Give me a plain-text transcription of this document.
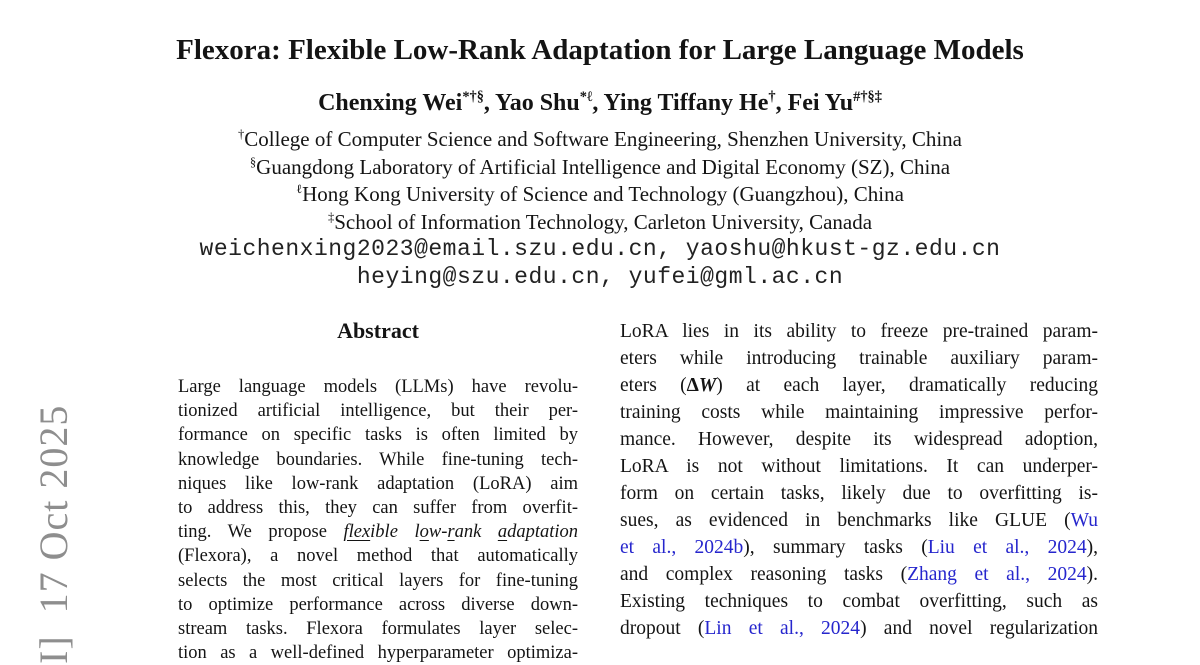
I]  17 Oct 2025
Flexora: Flexible Low-Rank Adaptation for Large Language Models
Chenxing Wei*†§, Yao Shu$^{*\ell}$, Ying Tiffany He†, Fei Yu#†§‡
†College of Computer Science and Software Engineering, Shenzhen University, China
§Guangdong Laboratory of Artificial Intelligence and Digital Economy (SZ), China
$^\ell$Hong Kong University of Science and Technology (Guangzhou), China
‡School of Information Technology, Carleton University, Canada
weichenxing2023@email.szu.edu.cn, yaoshu@hkust-gz.edu.cn
heying@szu.edu.cn, yufei@gml.ac.cn
Abstract
Large language models (LLMs) have revolu-
tionized artificial intelligence, but their per-
formance on specific tasks is often limited by
knowledge boundaries. While fine-tuning tech-
niques like low-rank adaptation (LoRA) aim
to address this, they can suffer from overfit-
ting. We propose flexible low-rank adaptation
(Flexora), a novel method that automatically
selects the most critical layers for fine-tuning
to optimize performance across diverse down-
stream tasks. Flexora formulates layer selec-
tion as a well-defined hyperparameter optimiza-
LoRA lies in its ability to freeze pre-trained param-
eters while introducing trainable auxiliary param-
eters (ΔW) at each layer, dramatically reducing
training costs while maintaining impressive perfor-
mance. However, despite its widespread adoption,
LoRA is not without limitations. It can underper-
form on certain tasks, likely due to overfitting is-
sues, as evidenced in benchmarks like GLUE (Wu
et al., 2024b), summary tasks (Liu et al., 2024),
and complex reasoning tasks (Zhang et al., 2024).
Existing techniques to combat overfitting, such as
dropout (Lin et al., 2024) and novel regularization
